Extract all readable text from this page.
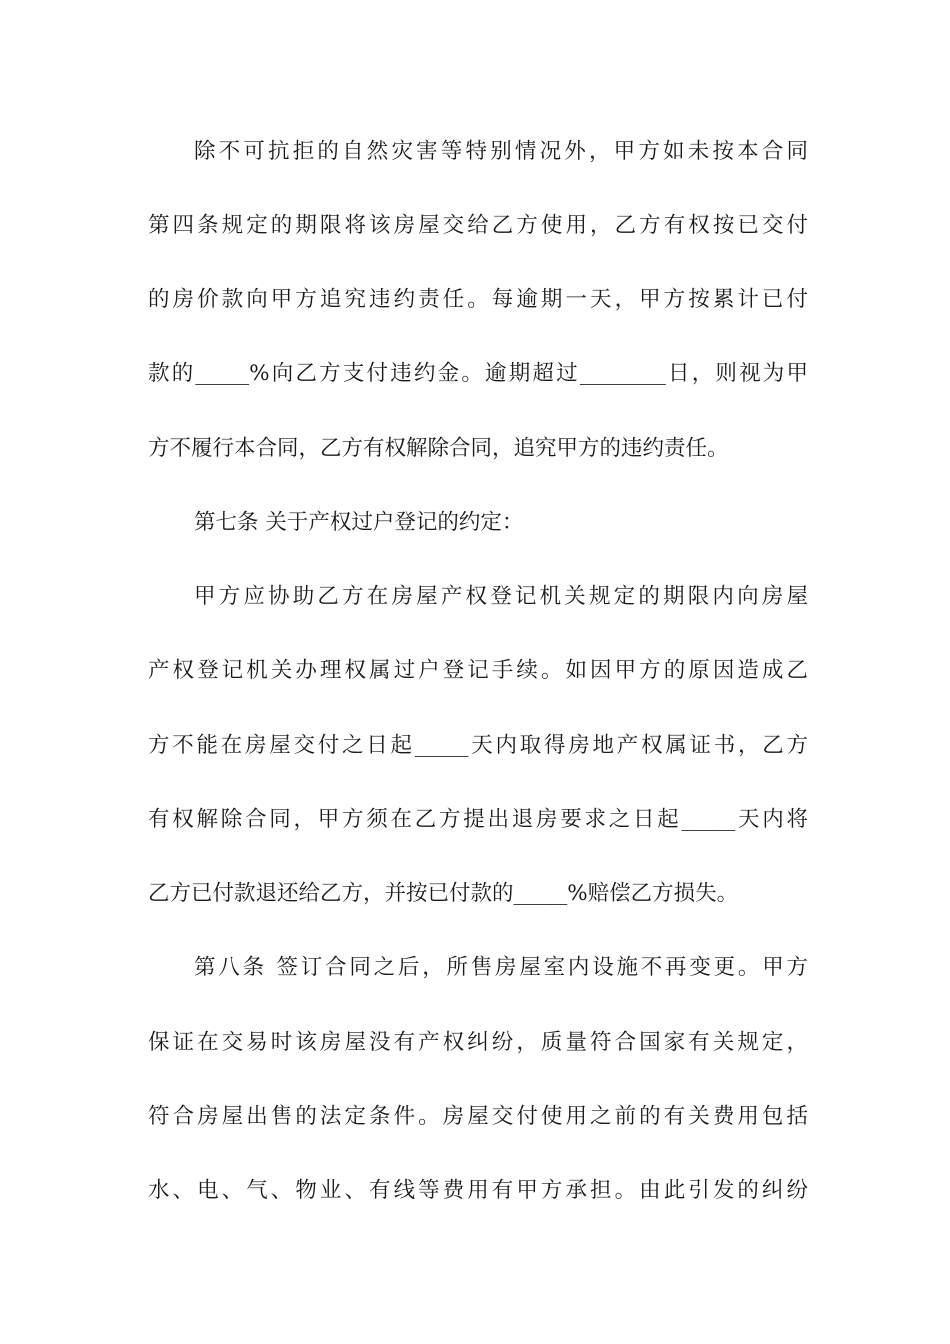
除不可抗拒的自然灾害等特别情况外，甲方如未按本合同
第四条规定的期限将该房屋交给乙方使用，乙方有权按已交付
的房价款向甲方追究违约责任。每逾期一天，甲方按累计已付
款的_____%向乙方支付违约金。逾期超过________日，则视为甲
方不履行本合同，乙方有权解除合同，追究甲方的违约责任。
第七条 关于产权过户登记的约定：
甲方应协助乙方在房屋产权登记机关规定的期限内向房屋
产权登记机关办理权属过户登记手续。如因甲方的原因造成乙
方不能在房屋交付之日起_____天内取得房地产权属证书，乙方
有权解除合同，甲方须在乙方提出退房要求之日起_____天内将
乙方已付款退还给乙方，并按已付款的_____%赔偿乙方损失。
第八条 签订合同之后，所售房屋室内设施不再变更。甲方
保证在交易时该房屋没有产权纠纷，质量符合国家有关规定，
符合房屋出售的法定条件。房屋交付使用之前的有关费用包括
水、电、气、物业、有线等费用有甲方承担。由此引发的纠纷
